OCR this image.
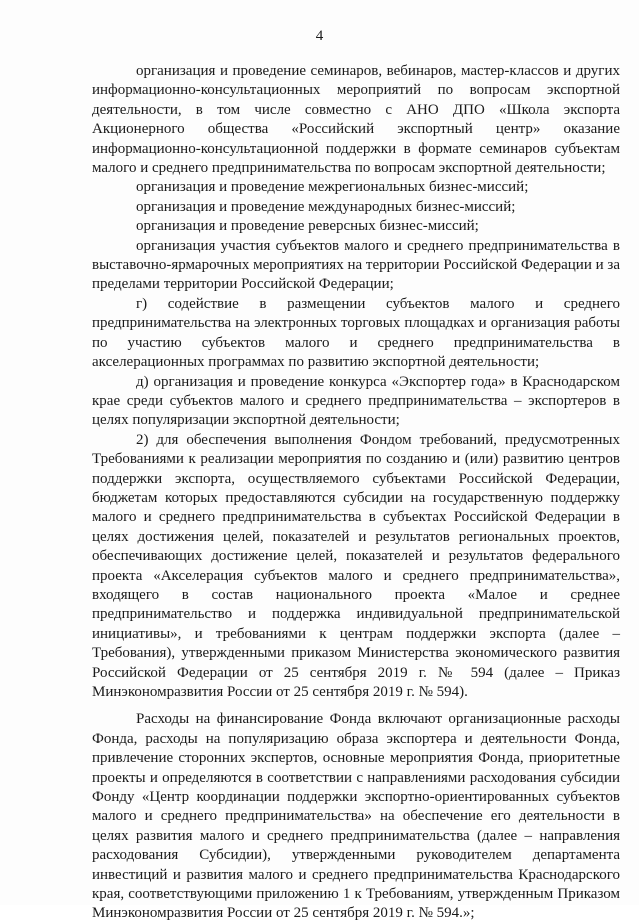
4

организация и проведение семинаров, вебинаров, мастер-классов и других информационно-консультационных мероприятий по вопросам экспортной деятельности, в том числе совместно с АНО ДПО «Школа экспорта Акционерного общества «Российский экспортный центр» оказание информационно-консультационной поддержки в формате семинаров субъектам малого и среднего предпринимательства по вопросам экспортной деятельности;

организация и проведение межрегиональных бизнес-миссий;

организация и проведение международных бизнес-миссий;

организация и проведение реверсных бизнес-миссий;

организация участия субъектов малого и среднего предпринимательства в выставочно-ярмарочных мероприятиях на территории Российской Федерации и за пределами территории Российской Федерации;

г) содействие в размещении субъектов малого и среднего предпринимательства на электронных торговых площадках и организация работы по участию субъектов малого и среднего предпринимательства в акселерационных программах по развитию экспортной деятельности;

д) организация и проведение конкурса «Экспортер года» в Краснодарском крае среди субъектов малого и среднего предпринимательства – экспортеров в целях популяризации экспортной деятельности;

2) для обеспечения выполнения Фондом требований, предусмотренных Требованиями к реализации мероприятия по созданию и (или) развитию центров поддержки экспорта, осуществляемого субъектами Российской Федерации, бюджетам которых предоставляются субсидии на государственную поддержку малого и среднего предпринимательства в субъектах Российской Федерации в целях достижения целей, показателей и результатов региональных проектов, обеспечивающих достижение целей, показателей и результатов федерального проекта «Акселерация субъектов малого и среднего предпринимательства», входящего в состав национального проекта «Малое и среднее предпринимательство и поддержка индивидуальной предпринимательской инициативы», и требованиями к центрам поддержки экспорта (далее – Требования), утвержденными приказом Министерства экономического развития Российской Федерации от 25 сентября 2019 г. № 594 (далее – Приказ Минэкономразвития России от 25 сентября 2019 г. № 594).

Расходы на финансирование Фонда включают организационные расходы Фонда, расходы на популяризацию образа экспортера и деятельности Фонда, привлечение сторонних экспертов, основные мероприятия Фонда, приоритетные проекты и определяются в соответствии с направлениями расходования субсидии Фонду «Центр координации поддержки экспортно-ориентированных субъектов малого и среднего предпринимательства» на обеспечение его деятельности в целях развития малого и среднего предпринимательства (далее – направления расходования Субсидии), утвержденными руководителем департамента инвестиций и развития малого и среднего предпринимательства Краснодарского края, соответствующими приложению 1 к Требованиям, утвержденным Приказом Минэкономразвития России от 25 сентября 2019 г. № 594.»;
